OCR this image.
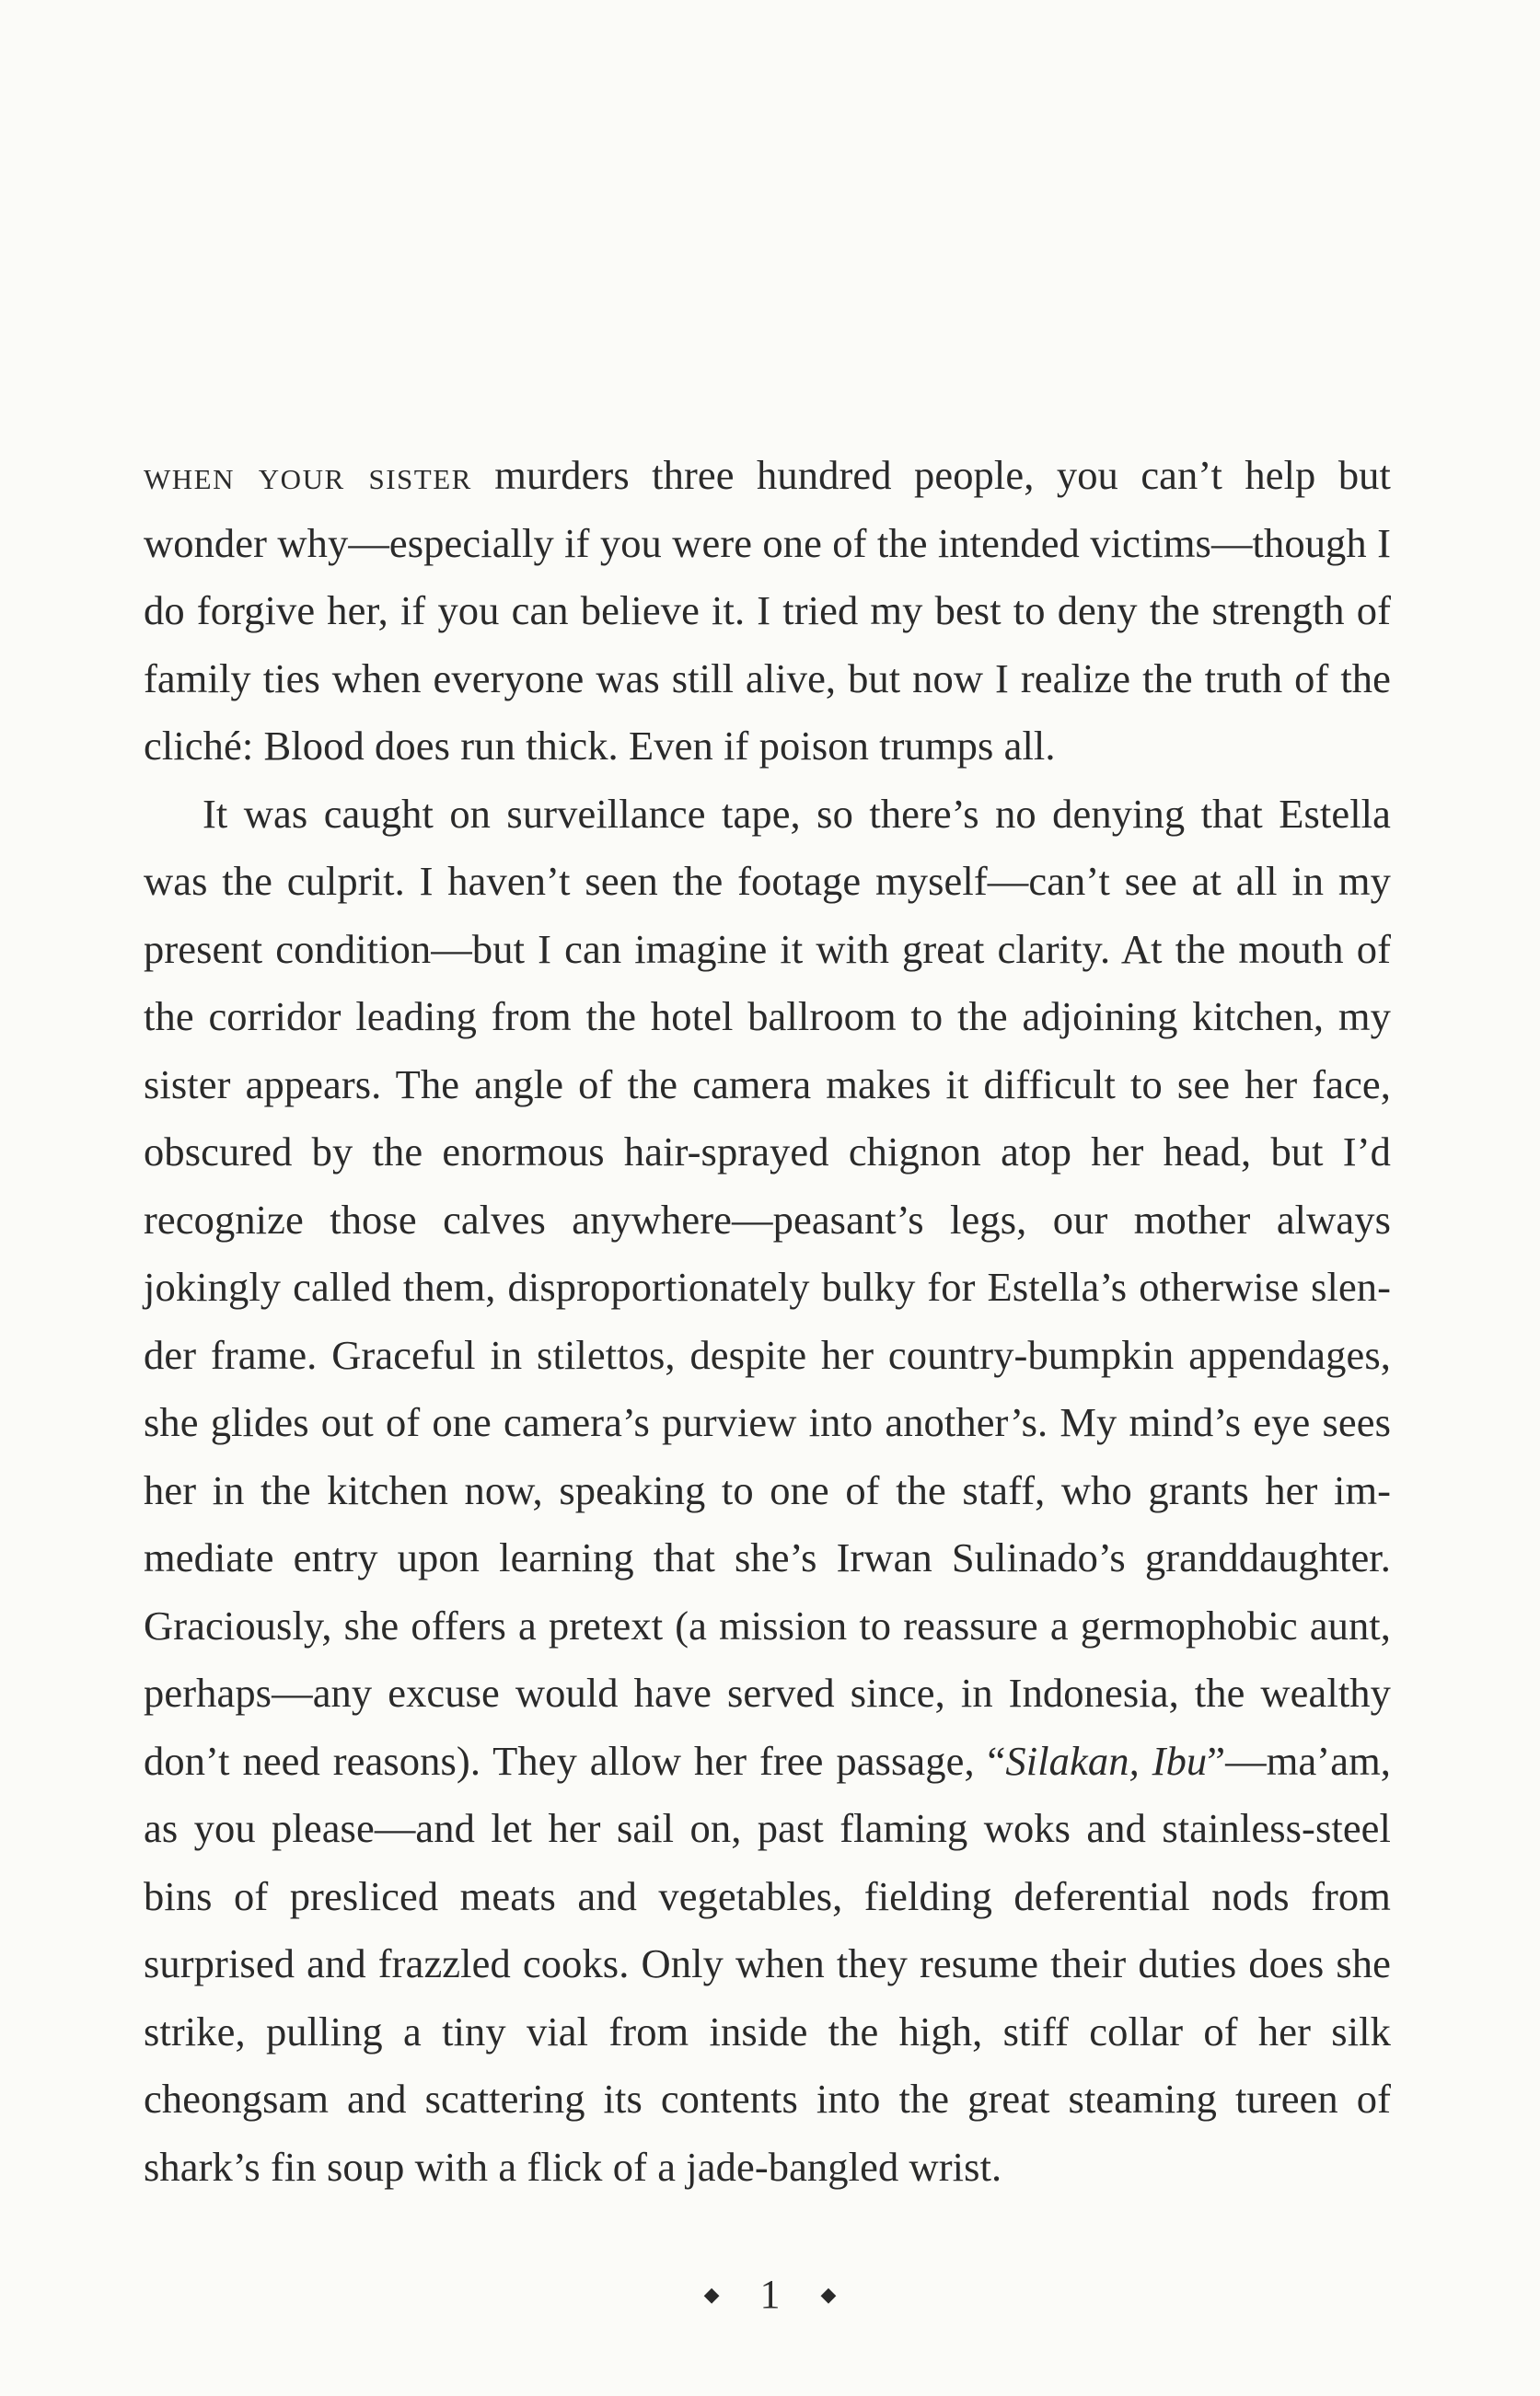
when your sister murders three hundred people, you can’t help but wonder why—especially if you were one of the intended victims—though I do forgive her, if you can believe it. I tried my best to deny the strength of family ties when everyone was still alive, but now I realize the truth of the cliché: Blood does run thick. Even if poison trumps all.

It was caught on surveillance tape, so there’s no denying that Estella was the culprit. I haven’t seen the footage myself—can’t see at all in my present condition—but I can imagine it with great clarity. At the mouth of the corridor leading from the hotel ballroom to the adjoining kitchen, my sister appears. The angle of the camera makes it difficult to see her face, obscured by the enormous hair-sprayed chignon atop her head, but I’d recognize those calves anywhere—peasant’s legs, our mother always jokingly called them, disproportionately bulky for Estella’s otherwise slender frame. Graceful in stilettos, despite her country-bumpkin appendages, she glides out of one camera’s purview into another’s. My mind’s eye sees her in the kitchen now, speaking to one of the staff, who grants her immediate entry upon learning that she’s Irwan Sulinado’s granddaughter. Graciously, she offers a pretext (a mission to reassure a germophobic aunt, perhaps—any excuse would have served since, in Indonesia, the wealthy don’t need reasons). They allow her free passage, “Silakan, Ibu”—ma’am, as you please—and let her sail on, past flaming woks and stainless-steel bins of presliced meats and vegetables, fielding deferential nods from surprised and frazzled cooks. Only when they resume their duties does she strike, pulling a tiny vial from inside the high, stiff collar of her silk cheongsam and scattering its contents into the great steaming tureen of shark’s fin soup with a flick of a jade-bangled wrist.

◆ 1 ◆
